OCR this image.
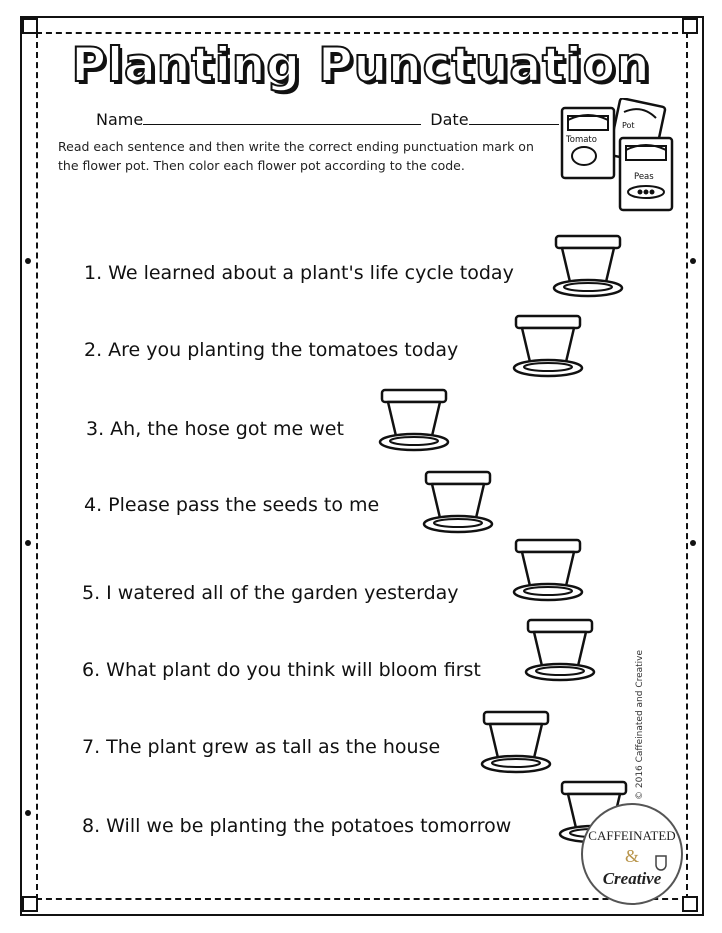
Planting Punctuation
Name	Date
Read each sentence and then write the correct ending punctuation mark on the flower pot. Then color each flower pot according to the code.
Tomato
Pot
Peas
1. We learned about a plant's life cycle today
2. Are you planting the tomatoes today
3. Ah, the hose got me wet
4. Please pass the seeds to me
5. I watered all of the garden yesterday
6. What plant do you think will bloom first
7. The plant grew as tall as the house
8. Will we be planting the potatoes tomorrow	CAFFEINATED
&
Creative
© 2016 Caffeinated and Creative
